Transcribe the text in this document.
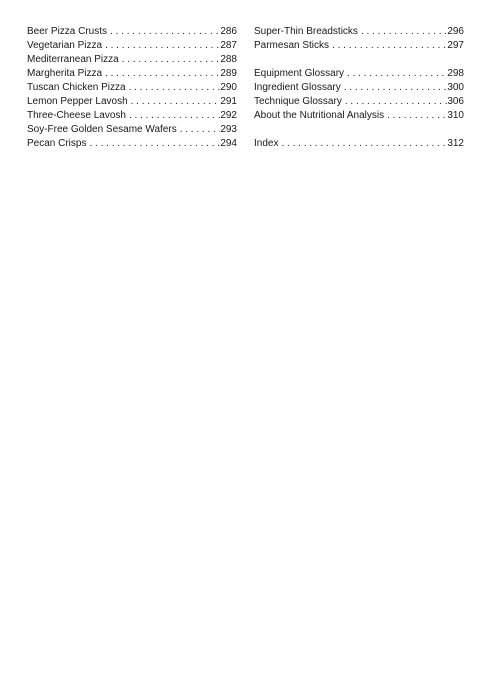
Beer Pizza Crusts . . .	286
Vegetarian Pizza . . .	287
Mediterranean Pizza . . .	288
Margherita Pizza . . .	289
Tuscan Chicken Pizza . . .	290
Lemon Pepper Lavosh . . .	291
Three-Cheese Lavosh . . .	292
Soy-Free Golden Sesame Wafers . . .	293
Pecan Crisps . . .	294
Super-Thin Breadsticks . . .	296
Parmesan Sticks . . .	297
Equipment Glossary . . .	298
Ingredient Glossary . . .	300
Technique Glossary . . .	306
About the Nutritional Analysis . . .	310
Index . . .	312
